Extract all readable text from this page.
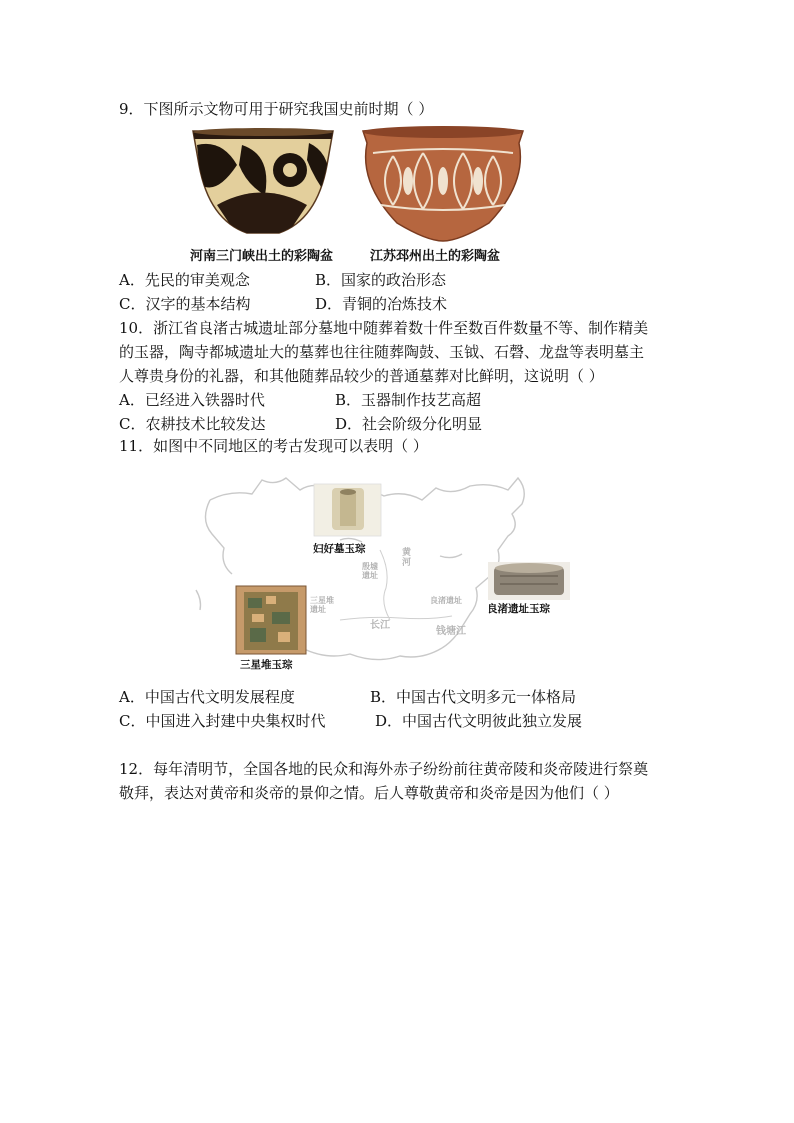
9．下图所示文物可用于研究我国史前时期（ ）
河南三门峡出土的彩陶盆	江苏邳州出土的彩陶盆
A．先民的审美观念	B．国家的政治形态
C．汉字的基本结构	D．青铜的冶炼技术
10．浙江省良渚古城遗址部分墓地中随葬着数十件至数百件数量不等、制作精美
的玉器，陶寺都城遗址大的墓葬也往往随葬陶鼓、玉钺、石磬、龙盘等表明墓主
人尊贵身份的礼器，和其他随葬品较少的普通墓葬对比鲜明，这说明（ ）
A．已经进入铁器时代	B．玉器制作技艺高超
C．农耕技术比较发达	D．社会阶级分化明显
11．如图中不同地区的考古发现可以表明（ ）
妇好墓玉琮
良渚遗址玉琮
三星堆玉琮
黄河
殷墟遗址
三星堆遗址
长江
良渚遗址
钱塘江
A．中国古代文明发展程度	B．中国古代文明多元一体格局
C．中国进入封建中央集权时代	D．中国古代文明彼此独立发展
12．每年清明节，全国各地的民众和海外赤子纷纷前往黄帝陵和炎帝陵进行祭奠
敬拜，表达对黄帝和炎帝的景仰之情。后人尊敬黄帝和炎帝是因为他们（ ）
